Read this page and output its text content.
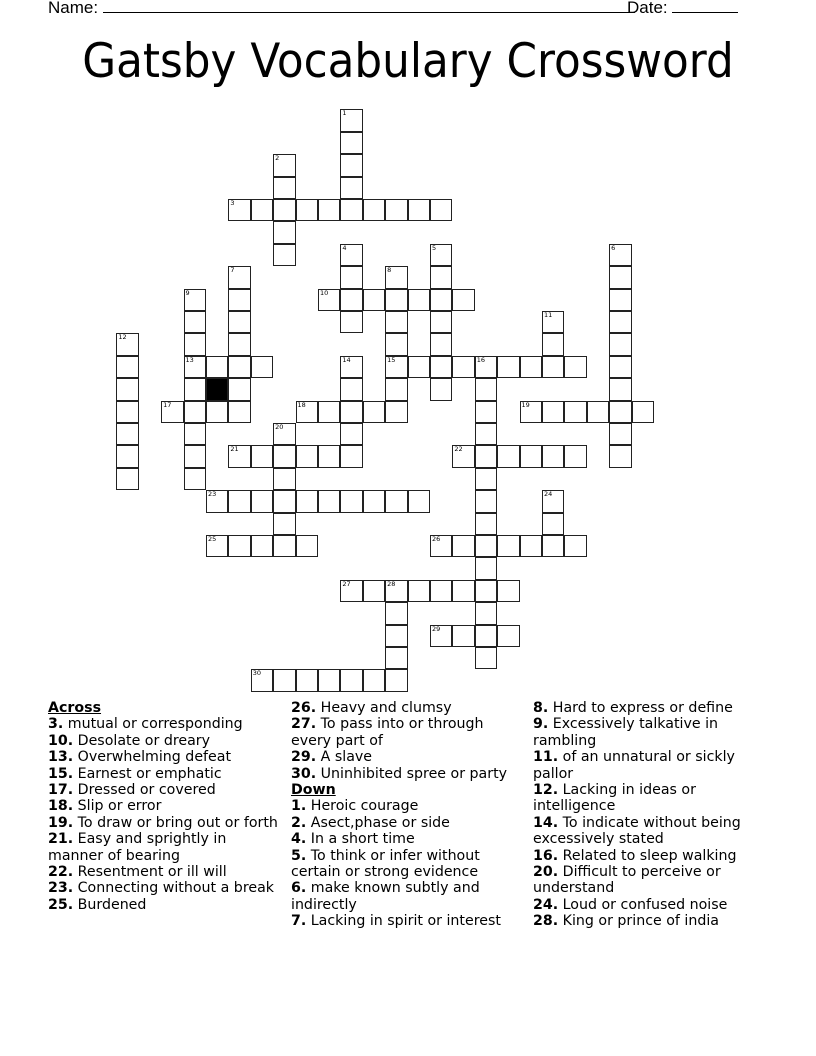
Name:	Date:
Gatsby Vocabulary Crossword
1
2
3
4	5	6
7	8
15
9
13
10
11
12
14	16
17	18	19
20
21	22
23	24
25	26
27	28
29
30
Across
3. mutual or corresponding
10. Desolate or dreary
13. Overwhelming defeat
15. Earnest or emphatic
17. Dressed or covered
18. Slip or error
19. To draw or bring out or forth
21. Easy and sprightly in manner of bearing
22. Resentment or ill will
23. Connecting without a break
25. Burdened
26. Heavy and clumsy
27. To pass into or through every part of
29. A slave
30. Uninhibited spree or party
Down
1. Heroic courage
2. Asect,phase or side
4. In a short time
5. To think or infer without certain or strong evidence
6. make known subtly and indirectly
7. Lacking in spirit or interest
8. Hard to express or define
9. Excessively talkative in rambling
11. of an unnatural or sickly pallor
12. Lacking in ideas or intelligence
14. To indicate without being excessively stated
16. Related to sleep walking
20. Difficult to perceive or understand
24. Loud or confused noise
28. King or prince of india
